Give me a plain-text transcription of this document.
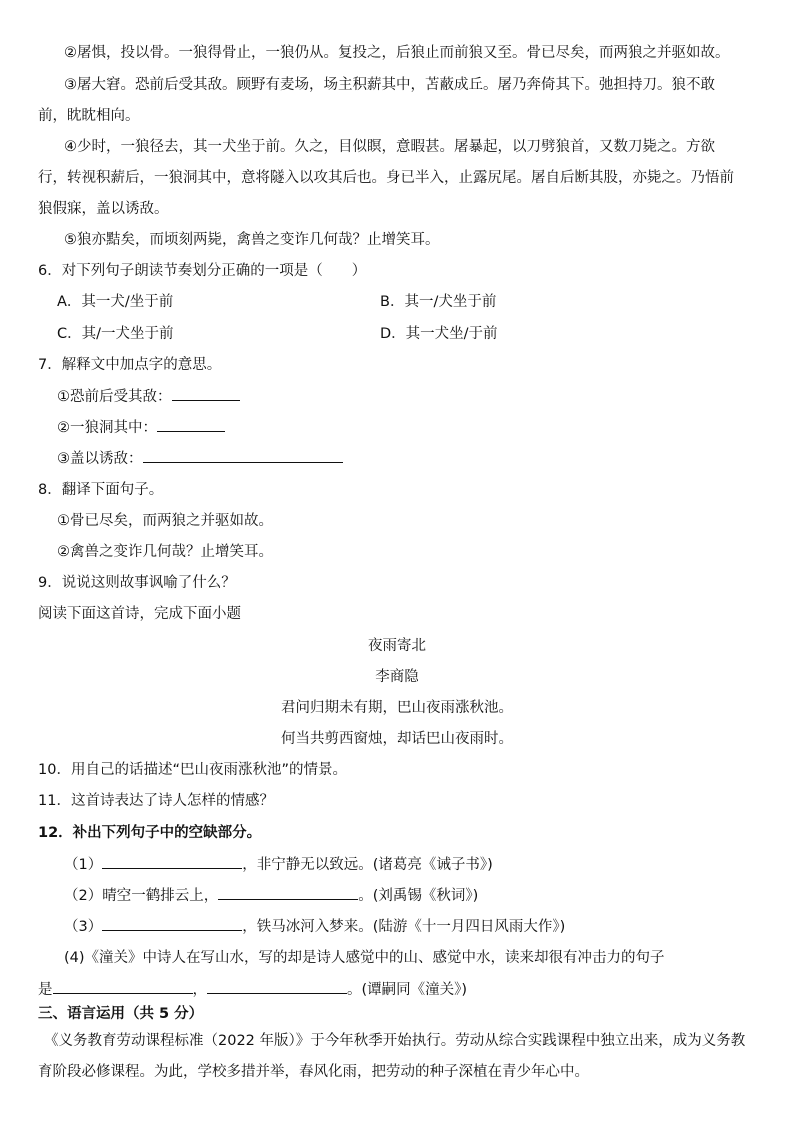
②屠惧，投以骨。一狼得骨止，一狼仍从。复投之，后狼止而前狼又至。骨已尽矣，而两狼之并驱如故。
③屠大窘。恐前后受其敌。顾野有麦场，场主积薪其中，苫蔽成丘。屠乃奔倚其下。弛担持刀。狼不敢
前，眈眈相向。
④少时，一狼径去，其一犬坐于前。久之，目似瞑，意暇甚。屠暴起，以刀劈狼首，又数刀毙之。方欲
行，转视积薪后，一狼洞其中，意将隧入以攻其后也。身已半入，止露尻尾。屠自后断其股，亦毙之。乃悟前
狼假寐，盖以诱敌。
⑤狼亦黠矣，而顷刻两毙，禽兽之变诈几何哉？止增笑耳。
6．对下列句子朗读节奏划分正确的一项是（　　）
A．其一犬/坐于前	B．其一/犬坐于前
C．其/一犬坐于前	D．其一犬坐/于前
7．解释文中加点字的意思。
①恐前后受其敌：
②一狼洞其中：
③盖以诱敌：
8．翻译下面句子。
①骨已尽矣，而两狼之并驱如故。
②禽兽之变诈几何哉？止增笑耳。
9．说说这则故事讽喻了什么？
阅读下面这首诗，完成下面小题
夜雨寄北
李商隐
君问归期未有期，巴山夜雨涨秋池。
何当共剪西窗烛，却话巴山夜雨时。
10．用自己的话描述“巴山夜雨涨秋池”的情景。
11．这首诗表达了诗人怎样的情感？
12．补出下列句子中的空缺部分。
（1）	，非宁静无以致远。(诸葛亮《诫子书》)
（2）晴空一鹤排云上，	。(刘禹锡《秋词》)
（3）	，铁马冰河入梦来。(陆游《十一月四日风雨大作》)
(4)《潼关》中诗人在写山水，写的却是诗人感觉中的山、感觉中水，读来却很有冲击力的句子
是	，	。(谭嗣同《潼关》)
三、语言运用（共 5 分）
《义务教育劳动课程标准（2022 年版）》于今年秋季开始执行。劳动从综合实践课程中独立出来，成为义务教
育阶段必修课程。为此，学校多措并举，春风化雨，把劳动的种子深植在青少年心中。
